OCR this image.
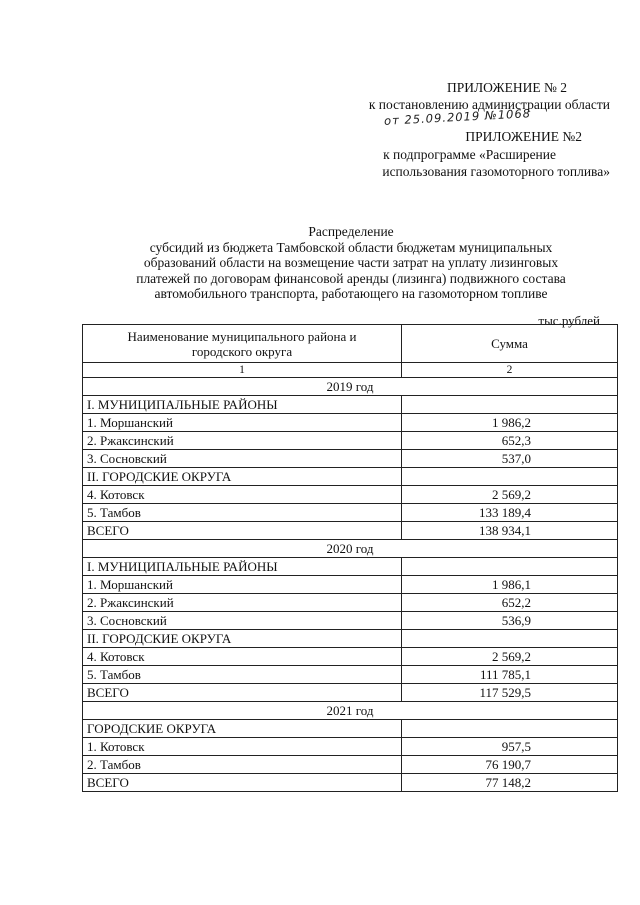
ПРИЛОЖЕНИЕ № 2
к постановлению администрации области
от 25.09.2019 №1068
ПРИЛОЖЕНИЕ №2
к подпрограмме «Расширение
использования газомоторного топлива»
Распределение
субсидий из бюджета Тамбовской области бюджетам муниципальных
образований области на возмещение части затрат на уплату лизинговых
платежей по договорам финансовой аренды (лизинга) подвижного состава
автомобильного транспорта, работающего на газомоторном топливе
тыс.рублей
Наименование муниципального района и
городского округа	Сумма
1	2
2019 год	
I. МУНИЦИПАЛЬНЫЕ РАЙОНЫ	
1. Моршанский	1 986,2
2. Ржаксинский	652,3
3. Сосновский	537,0
II. ГОРОДСКИЕ ОКРУГА	
4. Котовск	2 569,2
5. Тамбов	133 189,4
ВСЕГО	138 934,1
2020 год	
I. МУНИЦИПАЛЬНЫЕ РАЙОНЫ	
1. Моршанский	1 986,1
2. Ржаксинский	652,2
3. Сосновский	536,9
II. ГОРОДСКИЕ ОКРУГА	
4. Котовск	2 569,2
5. Тамбов	111 785,1
ВСЕГО	117 529,5
2021 год	
ГОРОДСКИЕ ОКРУГА	
1. Котовск	957,5
2. Тамбов	76 190,7
ВСЕГО	77 148,2
